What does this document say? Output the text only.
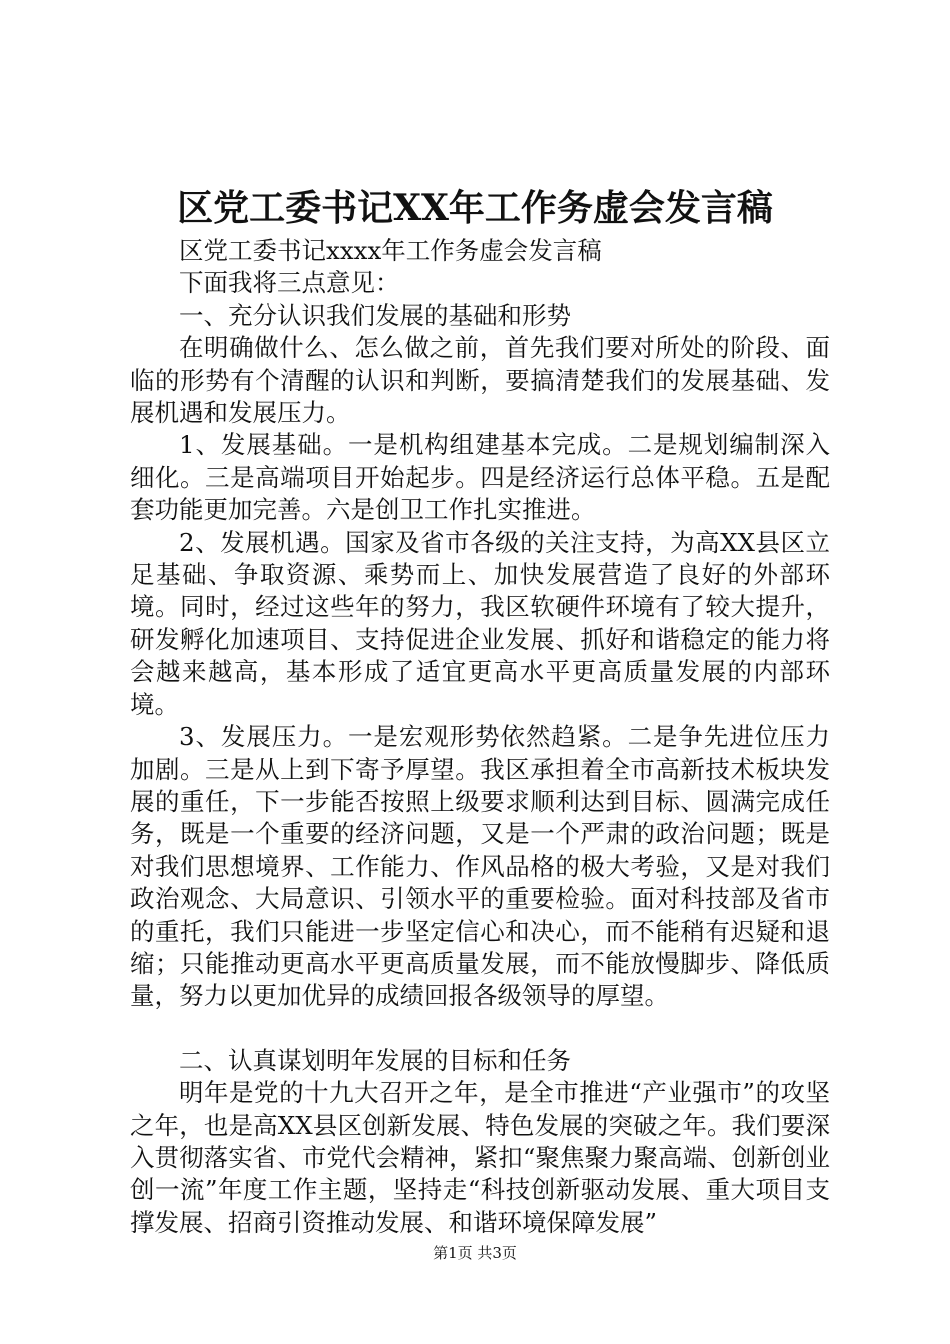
区党工委书记XX年工作务虚会发言稿

区党工委书记xxxx年工作务虚会发言稿

下面我将三点意见：

一、充分认识我们发展的基础和形势

在明确做什么、怎么做之前，首先我们要对所处的阶段、面临的形势有个清醒的认识和判断，要搞清楚我们的发展基础、发展机遇和发展压力。

1、发展基础。一是机构组建基本完成。二是规划编制深入细化。三是高端项目开始起步。四是经济运行总体平稳。五是配套功能更加完善。六是创卫工作扎实推进。

2、发展机遇。国家及省市各级的关注支持，为高XX县区立足基础、争取资源、乘势而上、加快发展营造了良好的外部环境。同时，经过这些年的努力，我区软硬件环境有了较大提升，研发孵化加速项目、支持促进企业发展、抓好和谐稳定的能力将会越来越高，基本形成了适宜更高水平更高质量发展的内部环境。

3、发展压力。一是宏观形势依然趋紧。二是争先进位压力加剧。三是从上到下寄予厚望。我区承担着全市高新技术板块发展的重任，下一步能否按照上级要求顺利达到目标、圆满完成任务，既是一个重要的经济问题，又是一个严肃的政治问题；既是对我们思想境界、工作能力、作风品格的极大考验，又是对我们政治观念、大局意识、引领水平的重要检验。面对科技部及省市的重托，我们只能进一步坚定信心和决心，而不能稍有迟疑和退缩；只能推动更高水平更高质量发展，而不能放慢脚步、降低质量，努力以更加优异的成绩回报各级领导的厚望。

二、认真谋划明年发展的目标和任务

明年是党的十九大召开之年，是全市推进“产业强市”的攻坚之年，也是高XX县区创新发展、特色发展的突破之年。我们要深入贯彻落实省、市党代会精神，紧扣“聚焦聚力聚高端、创新创业创一流”年度工作主题，坚持走“科技创新驱动发展、重大项目支撑发展、招商引资推动发展、和谐环境保障发展”

第1页 共3页
